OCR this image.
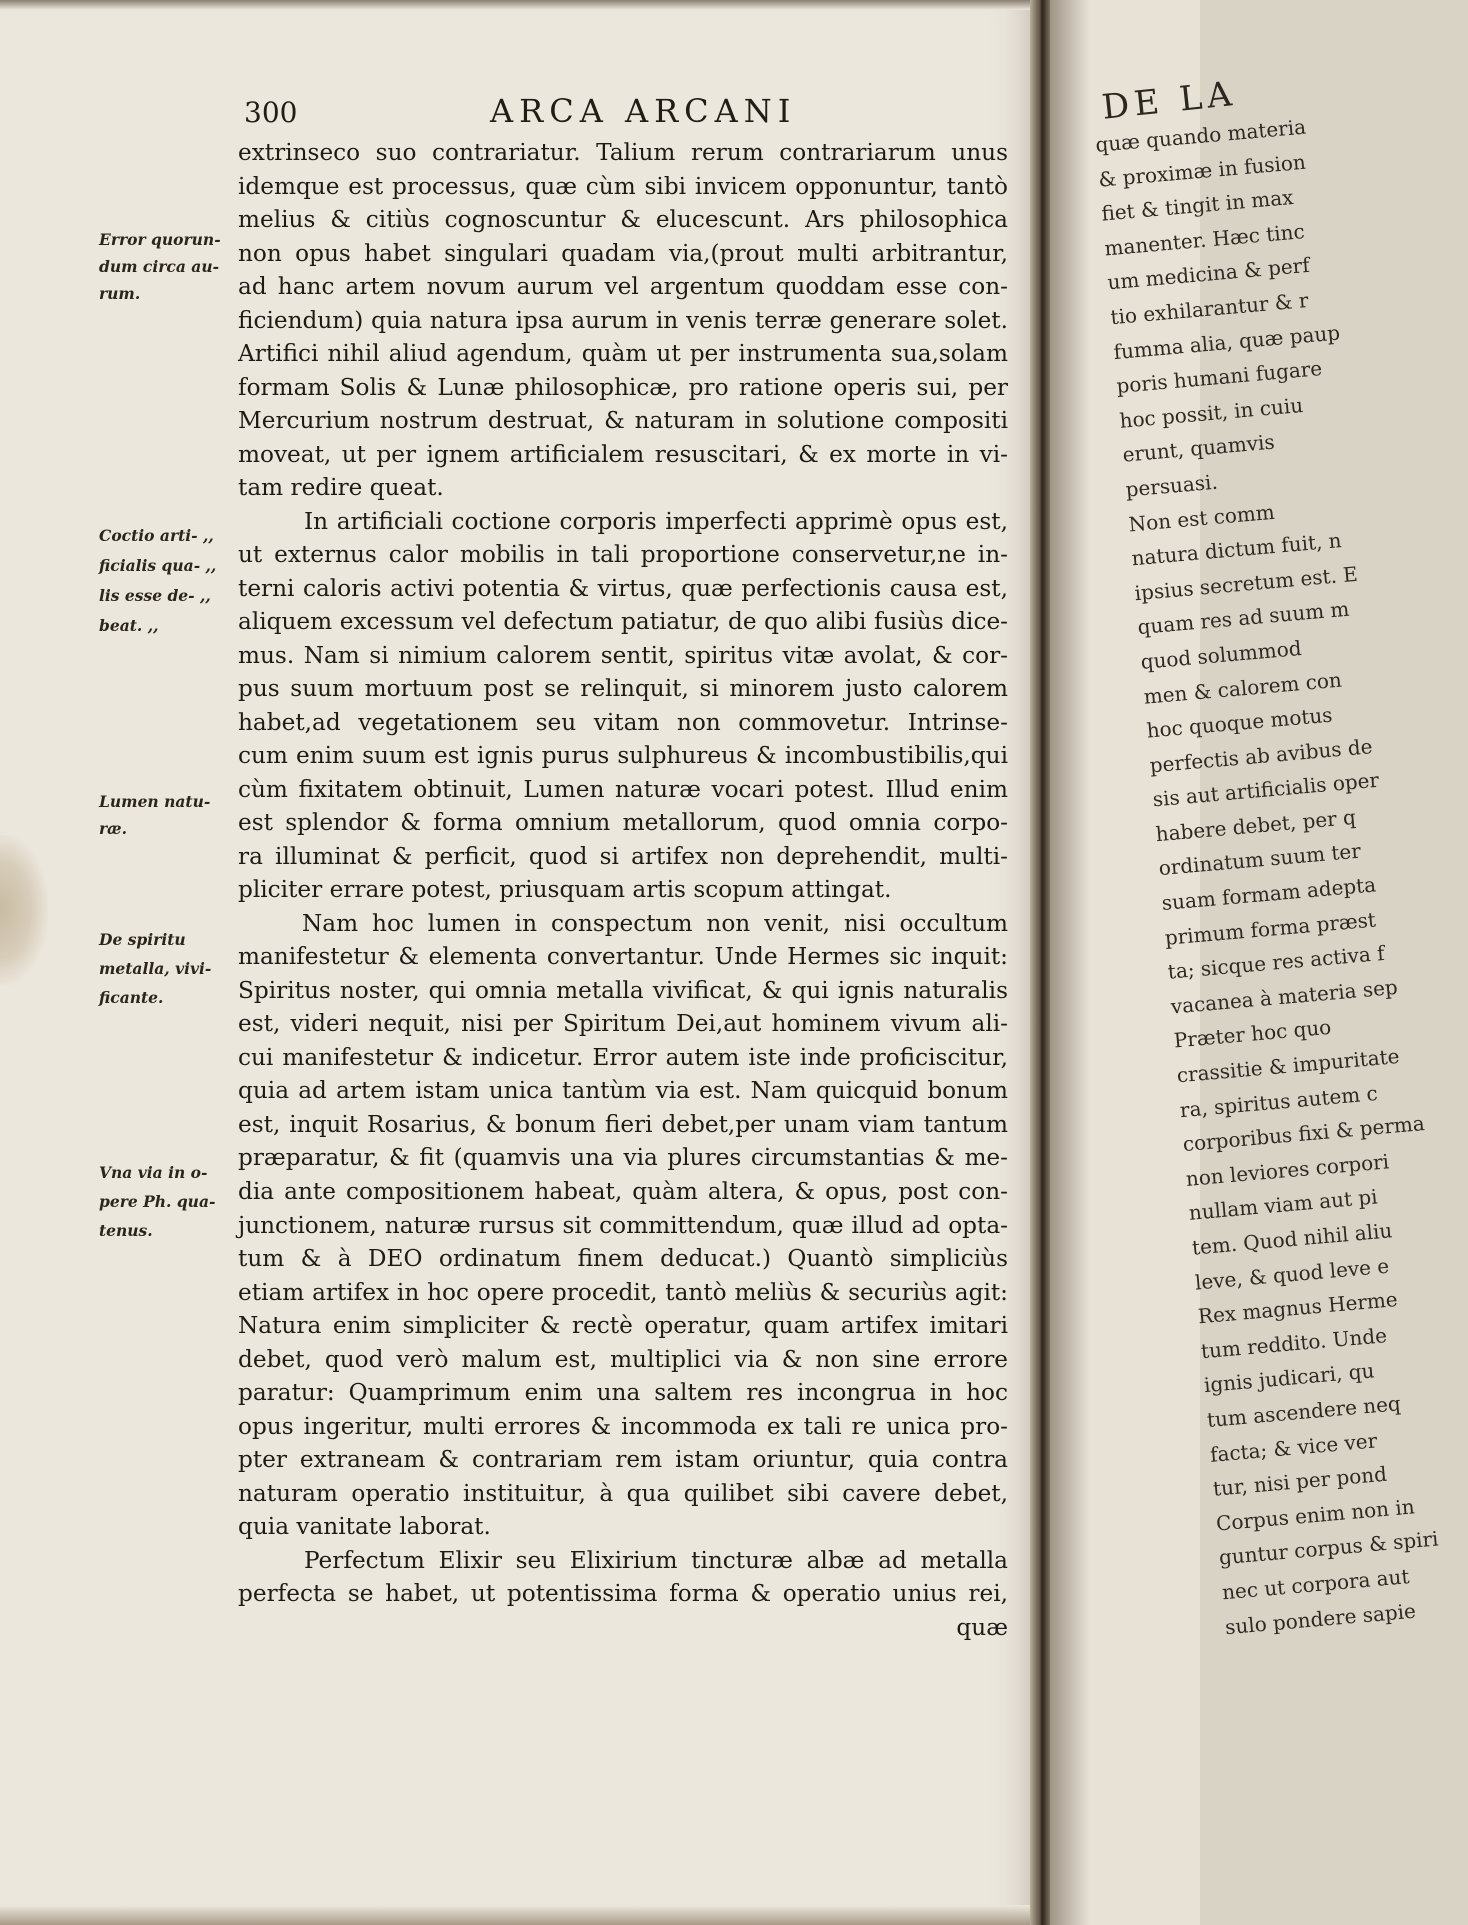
300	ARCA ARCANI
Error quorun-
dum circa au-
rum.
Coctio arti- ,,
ficialis qua- ,,
lis esse de- ,,
beat. ,,
Lumen natu-
ræ.
De spiritu
metalla, vivi-
ficante.
Vna via in o-
pere Ph. qua-
tenus.
extrinseco suo contrariatur. Talium rerum contrariarum unus
idemque est processus, quæ cùm sibi invicem opponuntur, tantò
melius & citiùs cognoscuntur & elucescunt. Ars philosophica
non opus habet singulari quadam via,(prout multi arbitrantur,
ad hanc artem novum aurum vel argentum quoddam esse con-
ficiendum) quia natura ipsa aurum in venis terræ generare solet.
Artifici nihil aliud agendum, quàm ut per instrumenta sua,solam
formam Solis & Lunæ philosophicæ, pro ratione operis sui, per
Mercurium nostrum destruat, & naturam in solutione compositi
moveat, ut per ignem artificialem resuscitari, & ex morte in vi-
tam redire queat.
In artificiali coctione corporis imperfecti apprimè opus est,
ut externus calor mobilis in tali proportione conservetur,ne in-
terni caloris activi potentia & virtus, quæ perfectionis causa est,
aliquem excessum vel defectum patiatur, de quo alibi fusiùs dice-
mus. Nam si nimium calorem sentit, spiritus vitæ avolat, & cor-
pus suum mortuum post se relinquit, si minorem justo calorem
habet,ad vegetationem seu vitam non commovetur. Intrinse-
cum enim suum est ignis purus sulphureus & incombustibilis,qui
cùm fixitatem obtinuit, Lumen naturæ vocari potest. Illud enim
est splendor & forma omnium metallorum, quod omnia corpo-
ra illuminat & perficit, quod si artifex non deprehendit, multi-
pliciter errare potest, priusquam artis scopum attingat.
Nam hoc lumen in conspectum non venit, nisi occultum
manifestetur & elementa convertantur. Unde Hermes sic inquit:
Spiritus noster, qui omnia metalla vivificat, & qui ignis naturalis
est, videri nequit, nisi per Spiritum Dei,aut hominem vivum ali-
cui manifestetur & indicetur. Error autem iste inde proficiscitur,
quia ad artem istam unica tantùm via est. Nam quicquid bonum
est, inquit Rosarius, & bonum fieri debet,per unam viam tantum
præparatur, & fit (quamvis una via plures circumstantias & me-
dia ante compositionem habeat, quàm altera, & opus, post con-
junctionem, naturæ rursus sit committendum, quæ illud ad opta-
tum & à DEO ordinatum finem deducat.) Quantò simpliciùs
etiam artifex in hoc opere procedit, tantò meliùs & securiùs agit:
Natura enim simpliciter & rectè operatur, quam artifex imitari
debet, quod verò malum est, multiplici via & non sine errore
paratur: Quamprimum enim una saltem res incongrua in hoc
opus ingeritur, multi errores & incommoda ex tali re unica pro-
pter extraneam & contrariam rem istam oriuntur, quia contra
naturam operatio instituitur, à qua quilibet sibi cavere debet,
quia vanitate laborat.
Perfectum Elixir seu Elixirium tincturæ albæ ad metalla
perfecta se habet, ut potentissima forma & operatio unius rei,
quæ
DE LA
quæ quando materia
& proximæ in fusion
fiet & tingit in max
manenter. Hæc tinc
um medicina & perf
tio exhilarantur & r
fumma alia, quæ paup
poris humani fugare
hoc possit, in cuiu
erunt, quamvis
persuasi.
Non est comm
natura dictum fuit, n
ipsius secretum est. E
quam res ad suum m
quod solummod
men & calorem con
hoc quoque motus
perfectis ab avibus de
sis aut artificialis oper
habere debet, per q
ordinatum suum ter
suam formam adepta
primum forma præst
ta; sicque res activa f
vacanea à materia sep
Præter hoc quo
crassitie & impuritate
ra, spiritus autem c
corporibus fixi & perma
non leviores corpori
nullam viam aut pi
tem. Quod nihil aliu
leve, & quod leve e
Rex magnus Herme
tum reddito. Unde
ignis judicari, qu
tum ascendere neq
facta; & vice ver
tur, nisi per pond
Corpus enim non in
guntur corpus & spiri
nec ut corpora aut
sulo pondere sapie
